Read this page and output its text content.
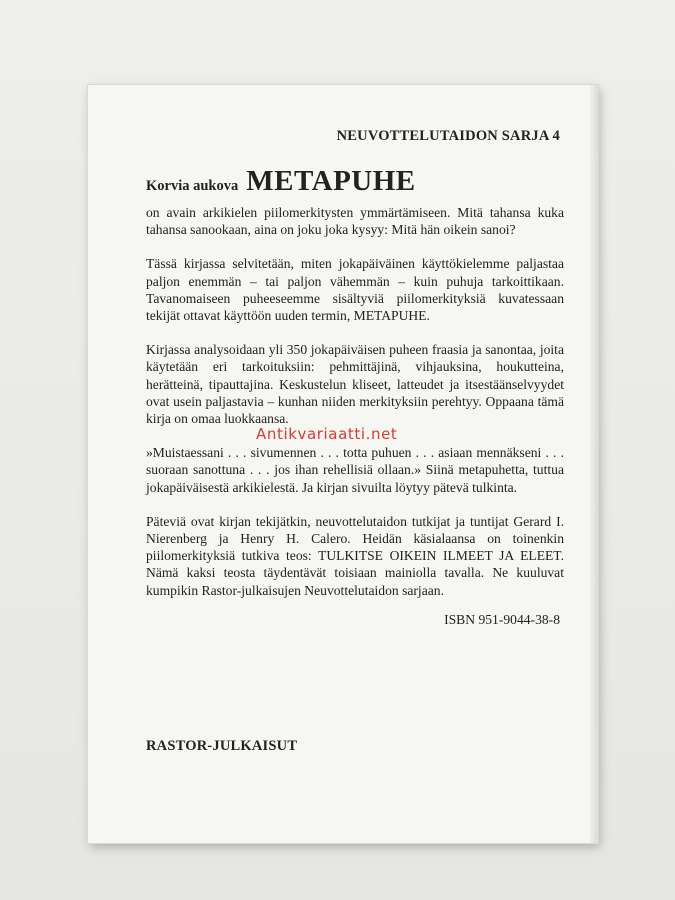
NEUVOTTELUTAIDON SARJA 4
Korvia aukova METAPUHE

on avain arkikielen piilomerkitysten ymmärtämiseen. Mitä tahansa kuka tahansa sanookaan, aina on joku joka kysyy: Mitä hän oikein sanoi?

Tässä kirjassa selvitetään, miten jokapäiväinen käyttökielemme paljastaa paljon enemmän – tai paljon vähemmän – kuin puhuja tarkoittikaan. Tavanomaiseen puheeseemme sisältyviä piilomerkityksiä kuvatessaan tekijät ottavat käyttöön uuden termin, METAPUHE.

Kirjassa analysoidaan yli 350 jokapäiväisen puheen fraasia ja sanontaa, joita käytetään eri tarkoituksiin: pehmittäjinä, vihjauksina, houkutteina, herätteinä, tipauttajina. Keskustelun kliseet, latteudet ja itsestäänselvyydet ovat usein paljastavia – kunhan niiden merkityksiin perehtyy. Oppaana tämä kirja on omaa luokkaansa.

»Muistaessani . . . sivumennen . . . totta puhuen . . . asiaan mennäkseni . . . suoraan sanottuna . . . jos ihan rehellisiä ollaan.» Siinä metapuhetta, tuttua jokapäiväisestä arkikielestä. Ja kirjan sivuilta löytyy pätevä tulkinta.

Päteviä ovat kirjan tekijätkin, neuvottelutaidon tutkijat ja tuntijat Gerard I. Nierenberg ja Henry H. Calero. Heidän käsialaansa on toinenkin piilomerkityksiä tutkiva teos: TULKITSE OIKEIN ILMEET JA ELEET. Nämä kaksi teosta täydentävät toisiaan mainiolla tavalla. Ne kuuluvat kumpikin Rastor-julkaisujen Neuvottelutaidon sarjaan.

ISBN 951-9044-38-8
RASTOR-JULKAISUT
Antikvariaatti.net
